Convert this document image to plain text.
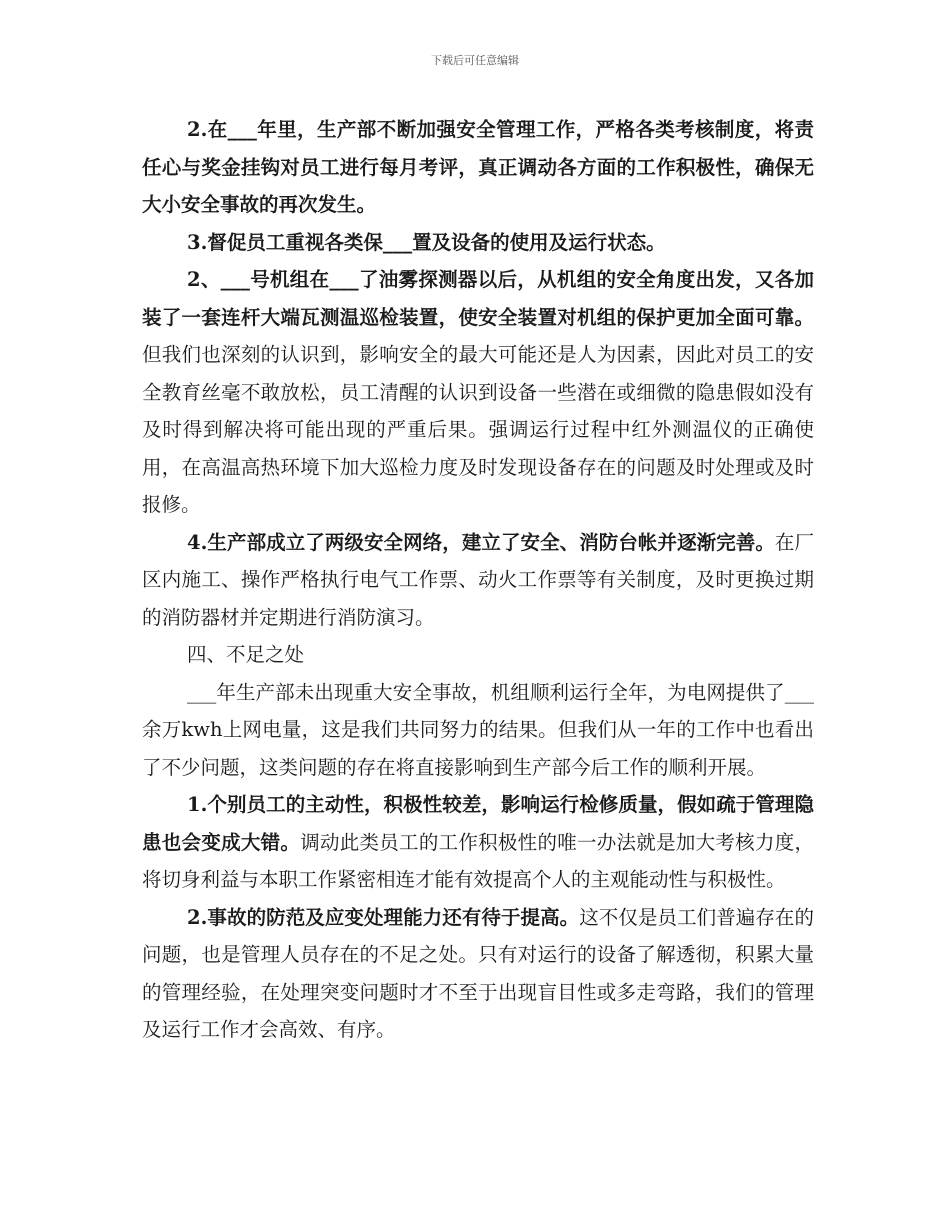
下载后可任意编辑

2.在___年里，生产部不断加强安全管理工作，严格各类考核制度，将责任心与奖金挂钩对员工进行每月考评，真正调动各方面的工作积极性，确保无大小安全事故的再次发生。

3.督促员工重视各类保___置及设备的使用及运行状态。

2、___号机组在___了油雾探测器以后，从机组的安全角度出发，又各加装了一套连杆大端瓦测温巡检装置，使安全装置对机组的保护更加全面可靠。但我们也深刻的认识到，影响安全的最大可能还是人为因素，因此对员工的安全教育丝毫不敢放松，员工清醒的认识到设备一些潜在或细微的隐患假如没有及时得到解决将可能出现的严重后果。强调运行过程中红外测温仪的正确使用，在高温高热环境下加大巡检力度及时发现设备存在的问题及时处理或及时报修。

4.生产部成立了两级安全网络，建立了安全、消防台帐并逐渐完善。在厂区内施工、操作严格执行电气工作票、动火工作票等有关制度，及时更换过期的消防器材并定期进行消防演习。

四、不足之处

___年生产部未出现重大安全事故，机组顺利运行全年，为电网提供了___余万kwh上网电量，这是我们共同努力的结果。但我们从一年的工作中也看出了不少问题，这类问题的存在将直接影响到生产部今后工作的顺利开展。

1.个别员工的主动性，积极性较差，影响运行检修质量，假如疏于管理隐患也会变成大错。调动此类员工的工作积极性的唯一办法就是加大考核力度，将切身利益与本职工作紧密相连才能有效提高个人的主观能动性与积极性。

2.事故的防范及应变处理能力还有待于提高。这不仅是员工们普遍存在的问题，也是管理人员存在的不足之处。只有对运行的设备了解透彻，积累大量的管理经验，在处理突变问题时才不至于出现盲目性或多走弯路，我们的管理及运行工作才会高效、有序。
